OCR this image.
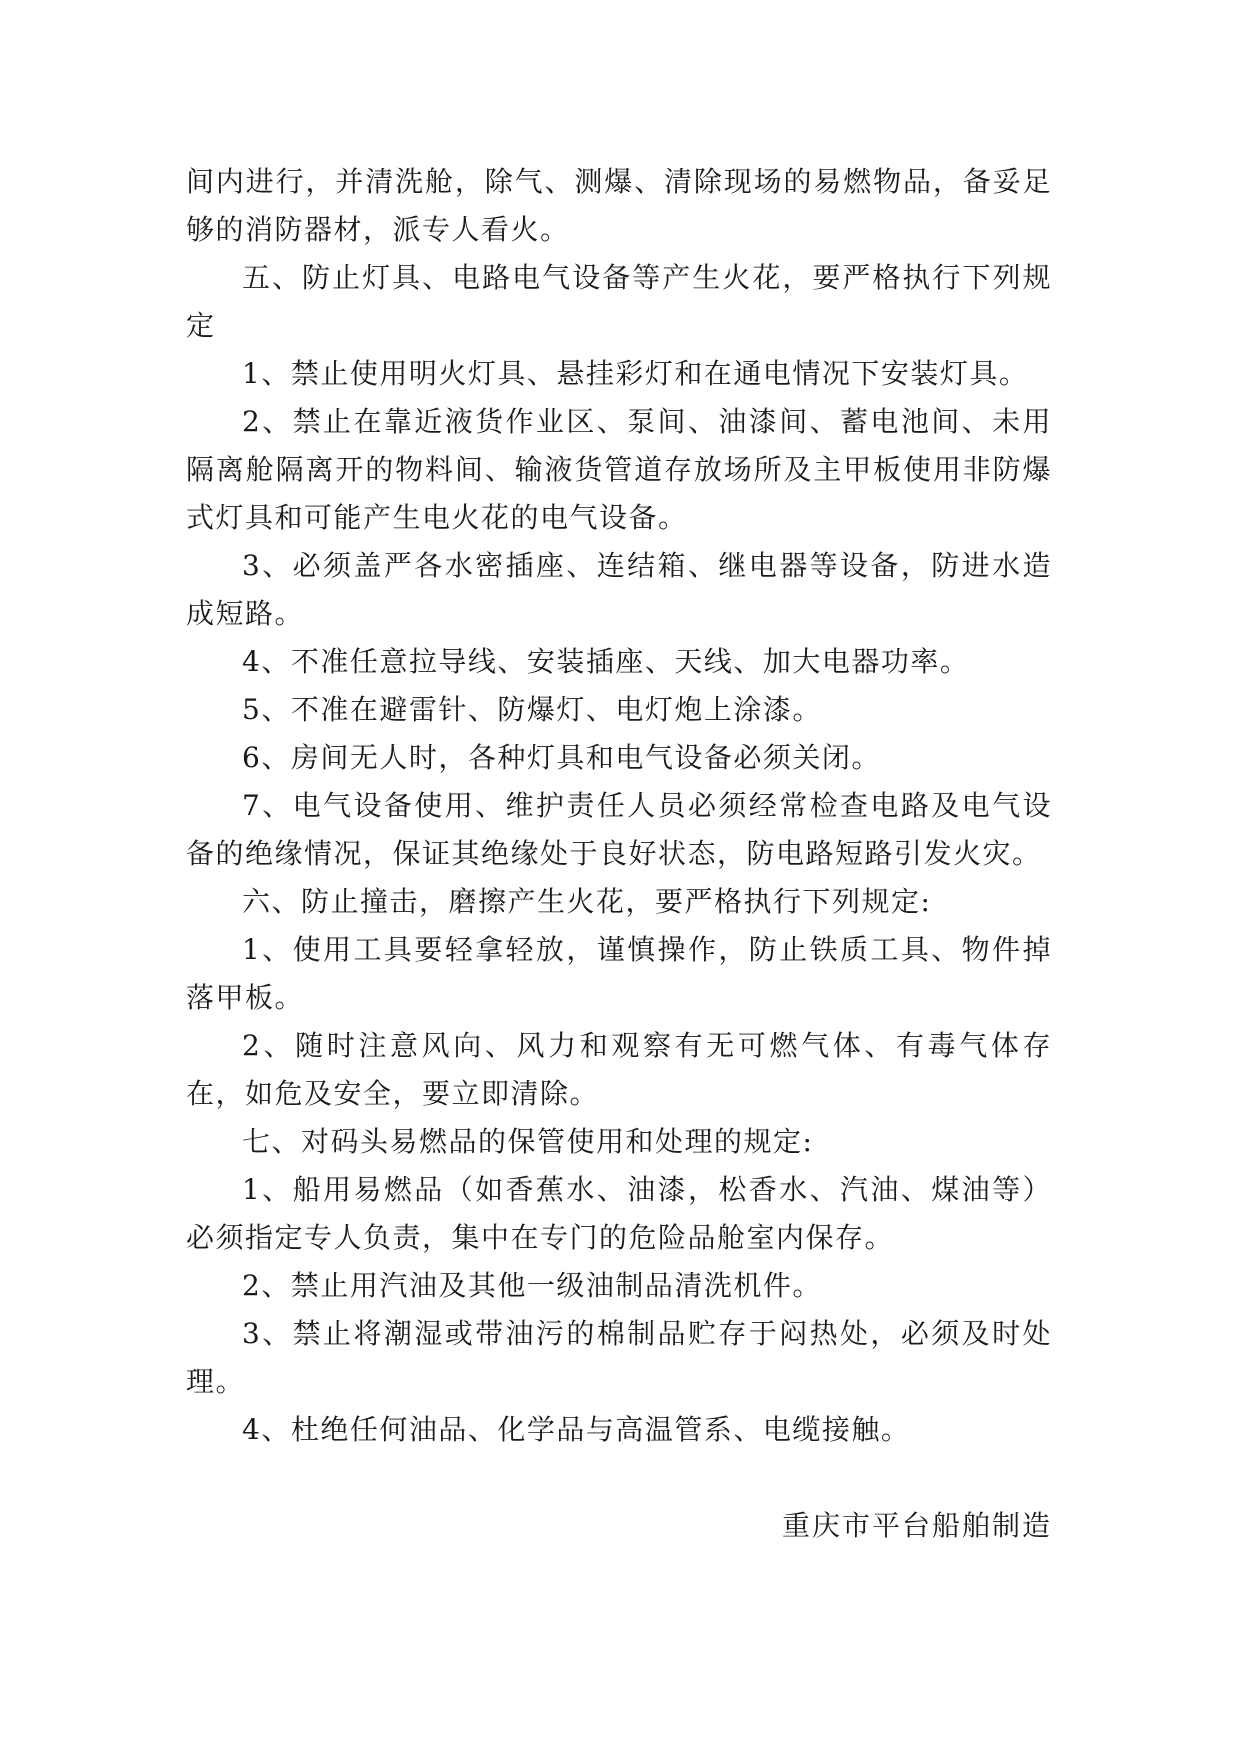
间内进行，并清洗舱，除气、测爆、清除现场的易燃物品，备妥足够的消防器材，派专人看火。

五、防止灯具、电路电气设备等产生火花，要严格执行下列规定

1、禁止使用明火灯具、悬挂彩灯和在通电情况下安装灯具。

2、禁止在靠近液货作业区、泵间、油漆间、蓄电池间、未用隔离舱隔离开的物料间、输液货管道存放场所及主甲板使用非防爆式灯具和可能产生电火花的电气设备。

3、必须盖严各水密插座、连结箱、继电器等设备，防进水造成短路。

4、不准任意拉导线、安装插座、天线、加大电器功率。

5、不准在避雷针、防爆灯、电灯炮上涂漆。

6、房间无人时，各种灯具和电气设备必须关闭。

7、电气设备使用、维护责任人员必须经常检查电路及电气设备的绝缘情况，保证其绝缘处于良好状态，防电路短路引发火灾。

六、防止撞击，磨擦产生火花，要严格执行下列规定:

1、使用工具要轻拿轻放，谨慎操作，防止铁质工具、物件掉落甲板。

2、随时注意风向、风力和观察有无可燃气体、有毒气体存在，如危及安全，要立即清除。

七、对码头易燃品的保管使用和处理的规定:

1、船用易燃品（如香蕉水、油漆，松香水、汽油、煤油等）必须指定专人负责，集中在专门的危险品舱室内保存。

2、禁止用汽油及其他一级油制品清洗机件。

3、禁止将潮湿或带油污的棉制品贮存于闷热处，必须及时处理。

4、杜绝任何油品、化学品与高温管系、电缆接触。

重庆市平台船舶制造
